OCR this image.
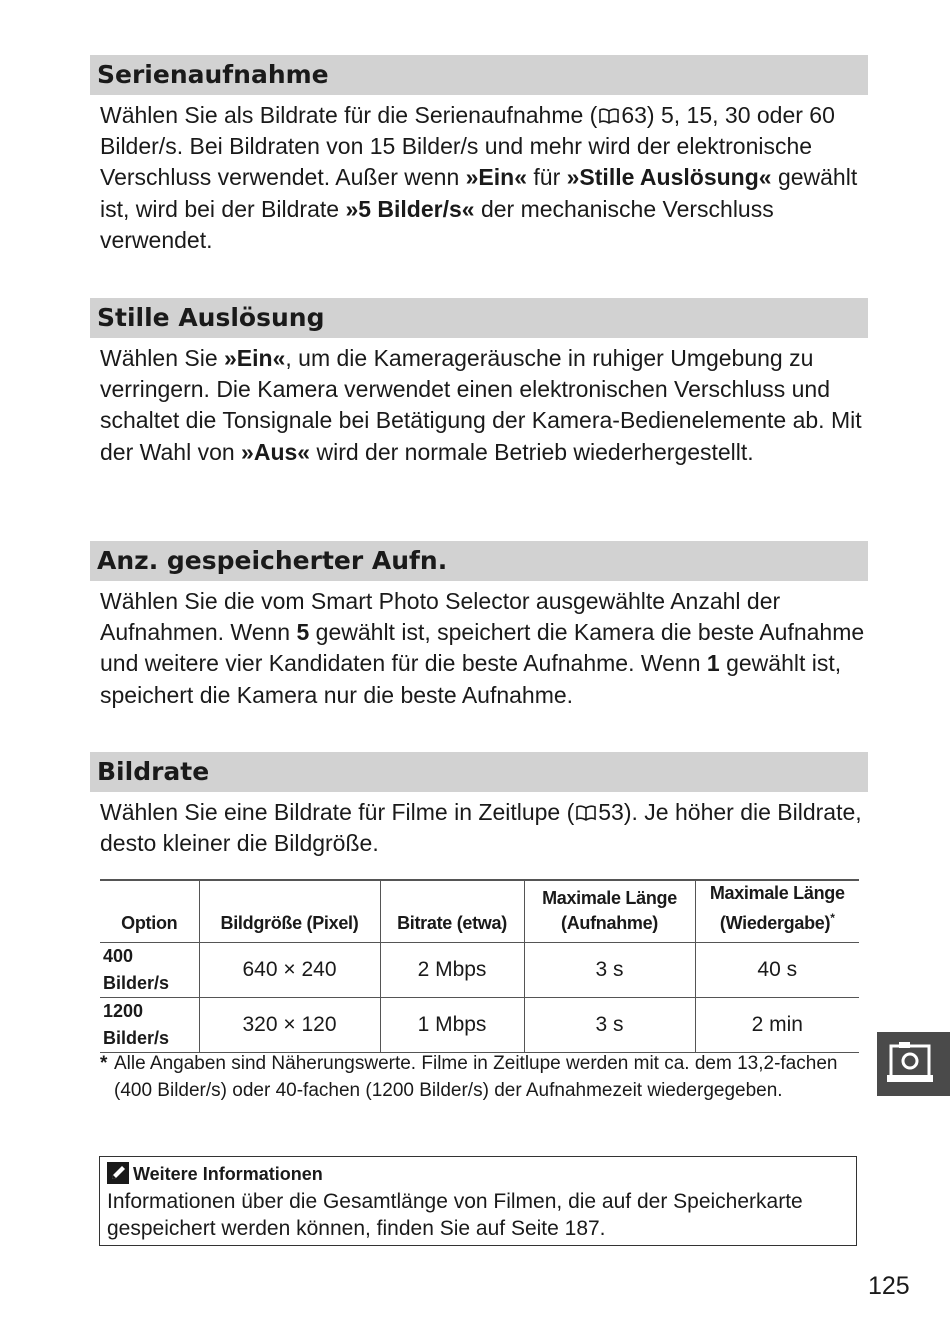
Serienaufnahme

Wählen Sie als Bildrate für die Serienaufnahme ( 63) 5, 15, 30 oder 60 Bilder/s. Bei Bildraten von 15 Bilder/s und mehr wird der elektronische Verschluss verwendet. Außer wenn »Ein« für »Stille Auslösung« gewählt ist, wird bei der Bildrate »5 Bilder/s« der mechanische Verschluss verwendet.

Stille Auslösung

Wählen Sie »Ein«, um die Kamerageräusche in ruhiger Umgebung zu verringern. Die Kamera verwendet einen elektronischen Verschluss und schaltet die Tonsignale bei Betätigung der Kamera-Bedienelemente ab. Mit der Wahl von »Aus« wird der normale Betrieb wiederhergestellt.

Anz. gespeicherter Aufn.

Wählen Sie die vom Smart Photo Selector ausgewählte Anzahl der Aufnahmen. Wenn 5 gewählt ist, speichert die Kamera die beste Aufnahme und weitere vier Kandidaten für die beste Aufnahme. Wenn 1 gewählt ist, speichert die Kamera nur die beste Aufnahme.

Bildrate

Wählen Sie eine Bildrate für Filme in Zeitlupe ( 53). Je höher die Bildrate, desto kleiner die Bildgröße.

Option	Bildgröße (Pixel)	Bitrate (etwa)	Maximale Länge (Aufnahme)	Maximale Länge (Wiedergabe)*
400 Bilder/s	640 × 240	2 Mbps	3 s	40 s
1200 Bilder/s	320 × 120	1 Mbps	3 s	2 min
* Alle Angaben sind Näherungswerte. Filme in Zeitlupe werden mit ca. dem 13,2-fachen (400 Bilder/s) oder 40-fachen (1200 Bilder/s) der Aufnahmezeit wiedergegeben.
Weitere Informationen
Informationen über die Gesamtlänge von Filmen, die auf der Speicherkarte gespeichert werden können, finden Sie auf Seite 187.
125
